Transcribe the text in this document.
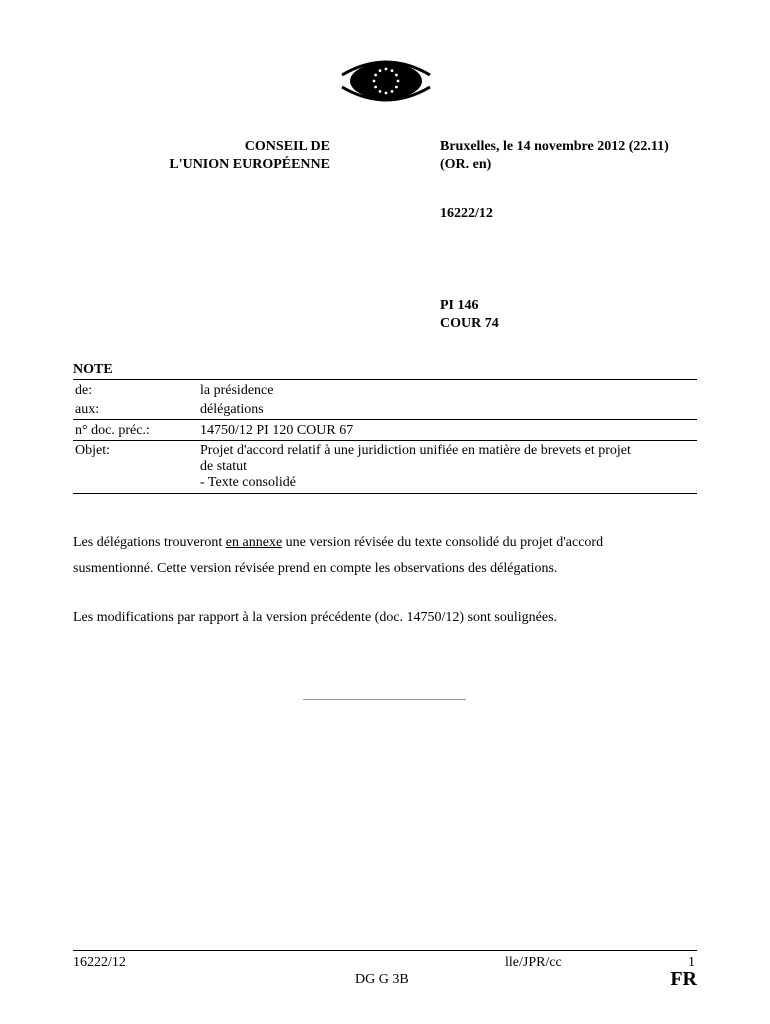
CONSEIL DE
L'UNION EUROPÉENNE
Bruxelles, le 14 novembre 2012 (22.11)
(OR. en)
16222/12
PI 146
COUR 74
NOTE
de:	la présidence
aux:	délégations
n° doc. préc.:	14750/12 PI 120 COUR 67
Objet:	Projet d'accord relatif à une juridiction unifiée en matière de brevets et projet
de statut
- Texte consolidé
Les délégations trouveront en annexe une version révisée du texte consolidé du projet d'accord
susmentionné. Cette version révisée prend en compte les observations des délégations.
Les modifications par rapport à la version précédente (doc. 14750/12) sont soulignées.
16222/12	lle/JPR/cc	1
DG G 3B	FR
